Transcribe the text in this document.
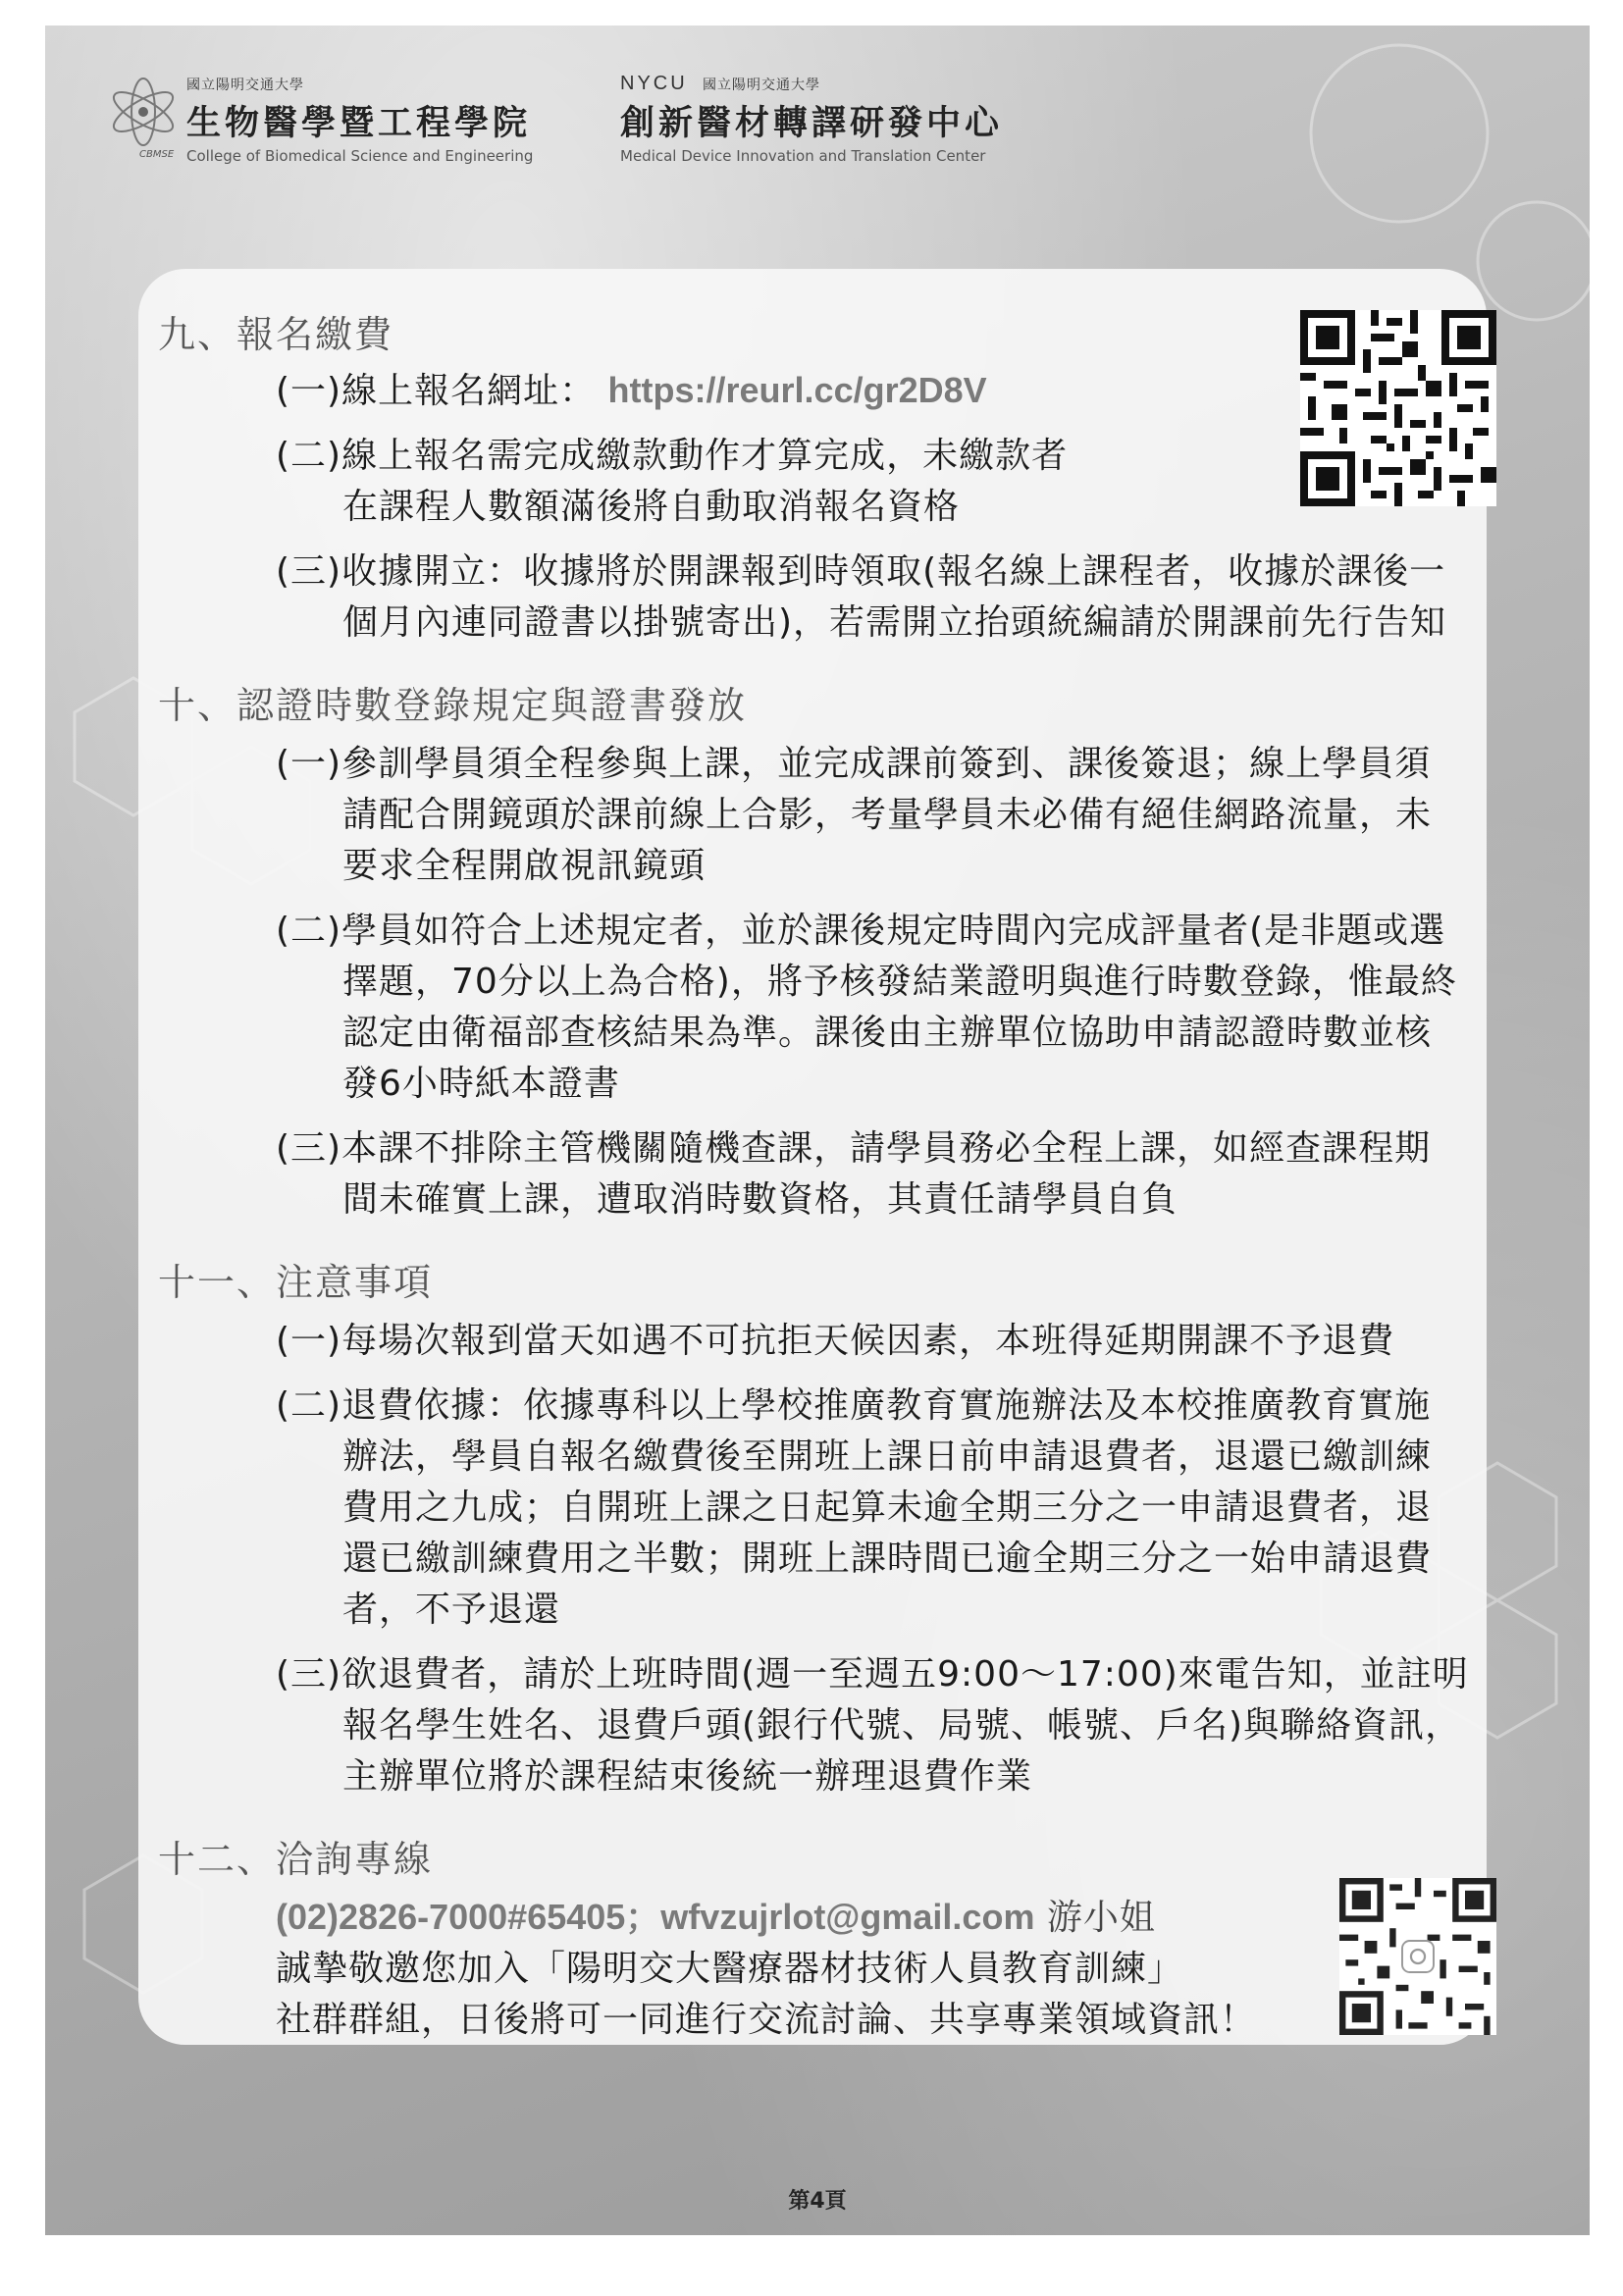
CBMSE
國立陽明交通大學
生物醫學暨工程學院
College of Biomedical Science and Engineering
NYCU 國立陽明交通大學
創新醫材轉譯研發中心
Medical Device Innovation and Translation Center
九、報名繳費
(一)線上報名網址： https://reurl.cc/gr2D8V
(二)線上報名需完成繳款動作才算完成，未繳款者
在課程人數額滿後將自動取消報名資格
(三)收據開立：收據將於開課報到時領取(報名線上課程者，收據於課後一
個月內連同證書以掛號寄出)，若需開立抬頭統編請於開課前先行告知
十、認證時數登錄規定與證書發放
(一)參訓學員須全程參與上課，並完成課前簽到、課後簽退；線上學員須
請配合開鏡頭於課前線上合影，考量學員未必備有絕佳網路流量，未
要求全程開啟視訊鏡頭
(二)學員如符合上述規定者，並於課後規定時間內完成評量者(是非題或選
擇題，70分以上為合格)，將予核發結業證明與進行時數登錄，惟最終
認定由衛福部查核結果為準。課後由主辦單位協助申請認證時數並核
發6小時紙本證書
(三)本課不排除主管機關隨機查課，請學員務必全程上課，如經查課程期
間未確實上課，遭取消時數資格，其責任請學員自負
十一、注意事項
(一)每場次報到當天如遇不可抗拒天候因素，本班得延期開課不予退費
(二)退費依據：依據專科以上學校推廣教育實施辦法及本校推廣教育實施
辦法，學員自報名繳費後至開班上課日前申請退費者，退還已繳訓練
費用之九成；自開班上課之日起算未逾全期三分之一申請退費者，退
還已繳訓練費用之半數；開班上課時間已逾全期三分之一始申請退費
者，不予退還
(三)欲退費者，請於上班時間(週一至週五9:00～17:00)來電告知，並註明
報名學生姓名、退費戶頭(銀行代號、局號、帳號、戶名)與聯絡資訊，
主辦單位將於課程結束後統一辦理退費作業
十二、洽詢專線
(02)2826-7000#65405；wfvzujrlot@gmail.com 游小姐
誠摯敬邀您加入「陽明交大醫療器材技術人員教育訓練」
社群群組，日後將可一同進行交流討論、共享專業領域資訊！
第4頁
